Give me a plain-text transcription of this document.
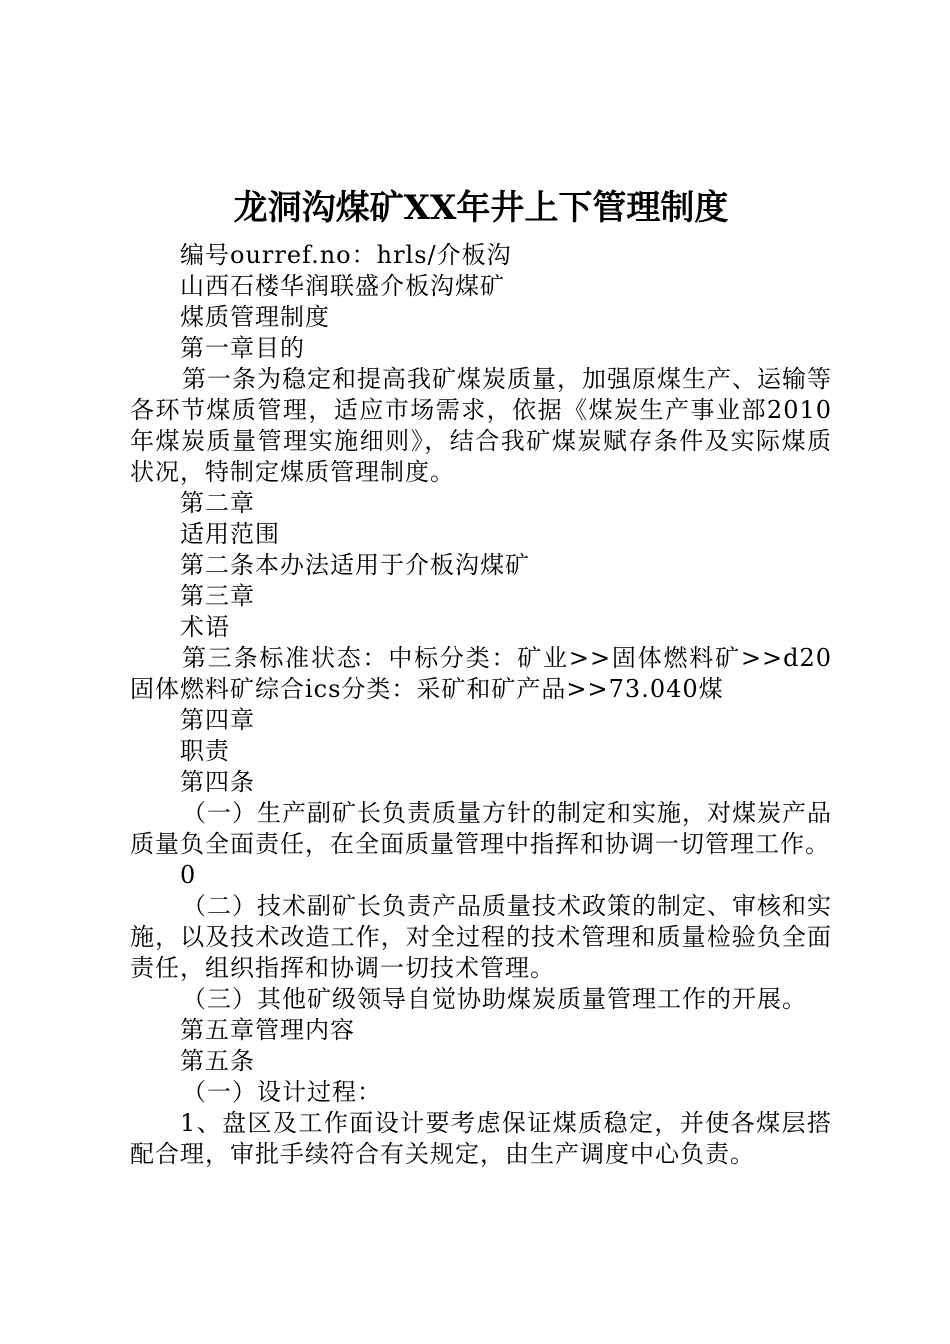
龙洞沟煤矿XX年井上下管理制度

编号ourref.no：hrls/介板沟

山西石楼华润联盛介板沟煤矿

煤质管理制度

第一章目的

第一条为稳定和提高我矿煤炭质量，加强原煤生产、运输等各环节煤质管理，适应市场需求，依据《煤炭生产事业部2010年煤炭质量管理实施细则》，结合我矿煤炭赋存条件及实际煤质状况，特制定煤质管理制度。

第二章

适用范围

第二条本办法适用于介板沟煤矿

第三章

术语

第三条标准状态：中标分类：矿业>>固体燃料矿>>d20固体燃料矿综合ics分类：采矿和矿产品>>73.040煤

第四章

职责

第四条

（一）生产副矿长负责质量方针的制定和实施，对煤炭产品质量负全面责任，在全面质量管理中指挥和协调一切管理工作。

0

（二）技术副矿长负责产品质量技术政策的制定、审核和实施，以及技术改造工作，对全过程的技术管理和质量检验负全面责任，组织指挥和协调一切技术管理。

（三）其他矿级领导自觉协助煤炭质量管理工作的开展。

第五章管理内容

第五条

（一）设计过程：

1、盘区及工作面设计要考虑保证煤质稳定，并使各煤层搭配合理，审批手续符合有关规定，由生产调度中心负责。
